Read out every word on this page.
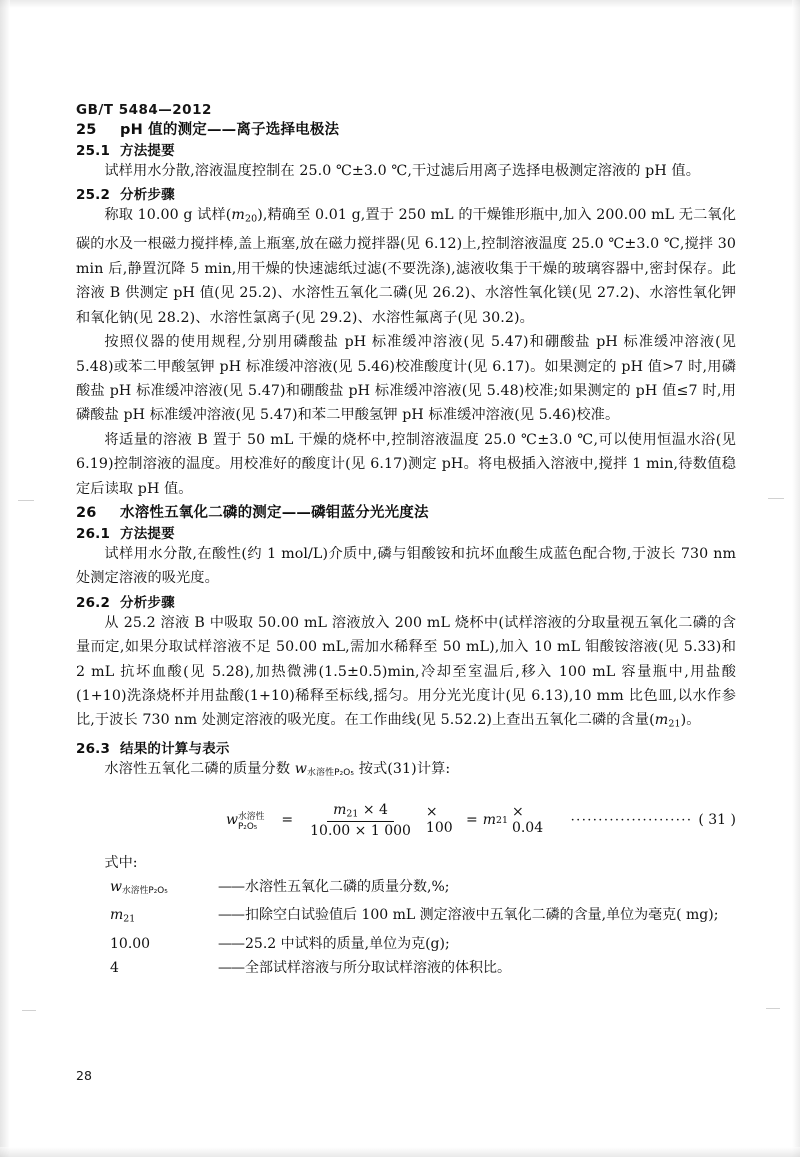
GB/T 5484—2012
25 pH 值的测定——离子选择电极法
25.1 方法提要

试样用水分散,溶液温度控制在 25.0 ℃±3.0 ℃,干过滤后用离子选择电极测定溶液的 pH 值。

25.2 分析步骤

称取 10.00 g 试样$(m_{20})$,精确至 0.01 g,置于 250 mL 的干燥锥形瓶中,加入 200.00 mL 无二氧化碳的水及一根磁力搅拌棒,盖上瓶塞,放在磁力搅拌器(见 6.12)上,控制溶液温度 25.0 ℃±3.0 ℃,搅拌 30 min 后,静置沉降 5 min,用干燥的快速滤纸过滤(不要洗涤),滤液收集于干燥的玻璃容器中,密封保存。此溶液 B 供测定 pH 值(见 25.2)、水溶性五氧化二磷(见 26.2)、水溶性氧化镁(见 27.2)、水溶性氧化钾和氧化钠(见 28.2)、水溶性氯离子(见 29.2)、水溶性氟离子(见 30.2)。

按照仪器的使用规程,分别用磷酸盐 pH 标准缓冲溶液(见 5.47)和硼酸盐 pH 标准缓冲溶液(见 5.48)或苯二甲酸氢钾 pH 标准缓冲溶液(见 5.46)校准酸度计(见 6.17)。如果测定的 pH 值>7 时,用磷酸盐 pH 标准缓冲溶液(见 5.47)和硼酸盐 pH 标准缓冲溶液(见 5.48)校准;如果测定的 pH 值≤7 时,用磷酸盐 pH 标准缓冲溶液(见 5.47)和苯二甲酸氢钾 pH 标准缓冲溶液(见 5.46)校准。

将适量的溶液 B 置于 50 mL 干燥的烧杯中,控制溶液温度 25.0 ℃±3.0 ℃,可以使用恒温水浴(见 6.19)控制溶液的温度。用校准好的酸度计(见 6.17)测定 pH。将电极插入溶液中,搅拌 1 min,待数值稳定后读取 pH 值。

26 水溶性五氧化二磷的测定——磷钼蓝分光光度法
26.1 方法提要

试样用水分散,在酸性(约 1 mol/L)介质中,磷与钼酸铵和抗坏血酸生成蓝色配合物,于波长 730 nm 处测定溶液的吸光度。

26.2 分析步骤

从 25.2 溶液 B 中吸取 50.00 mL 溶液放入 200 mL 烧杯中(试样溶液的分取量视五氧化二磷的含量而定,如果分取试样溶液不足 50.00 mL,需加水稀释至 50 mL),加入 10 mL 钼酸铵溶液(见 5.33)和 2 mL 抗坏血酸(见 5.28),加热微沸(1.5±0.5)min,冷却至室温后,移入 100 mL 容量瓶中,用盐酸(1+10)洗涤烧杯并用盐酸(1+10)稀释至标线,摇匀。用分光光度计(见 6.13),10 mm 比色皿,以水作参比,于波长 730 nm 处测定溶液的吸光度。在工作曲线(见 5.52.2)上查出五氧化二磷的含量$(m_{21})$。

26.3 结果的计算与表示

水溶性五氧化二磷的质量分数 w水溶性P₂O₅ 按式(31)计算:

w 水溶性P₂O₅	= $\frac{m_{21} \times 4}{10.00 \times 1 000} \times 100 = m$ 21 × 0.04	······················ ( 31 )
式中:
w水溶性P₂O₅	—— 水溶性五氧化二磷的质量分数,%;
$m_{21}$	—— 扣除空白试验值后 100 mL 测定溶液中五氧化二磷的含量,单位为毫克( mg);
10.00	—— 25.2 中试料的质量,单位为克(g);
4	—— 全部试样溶液与所分取试样溶液的体积比。
28
